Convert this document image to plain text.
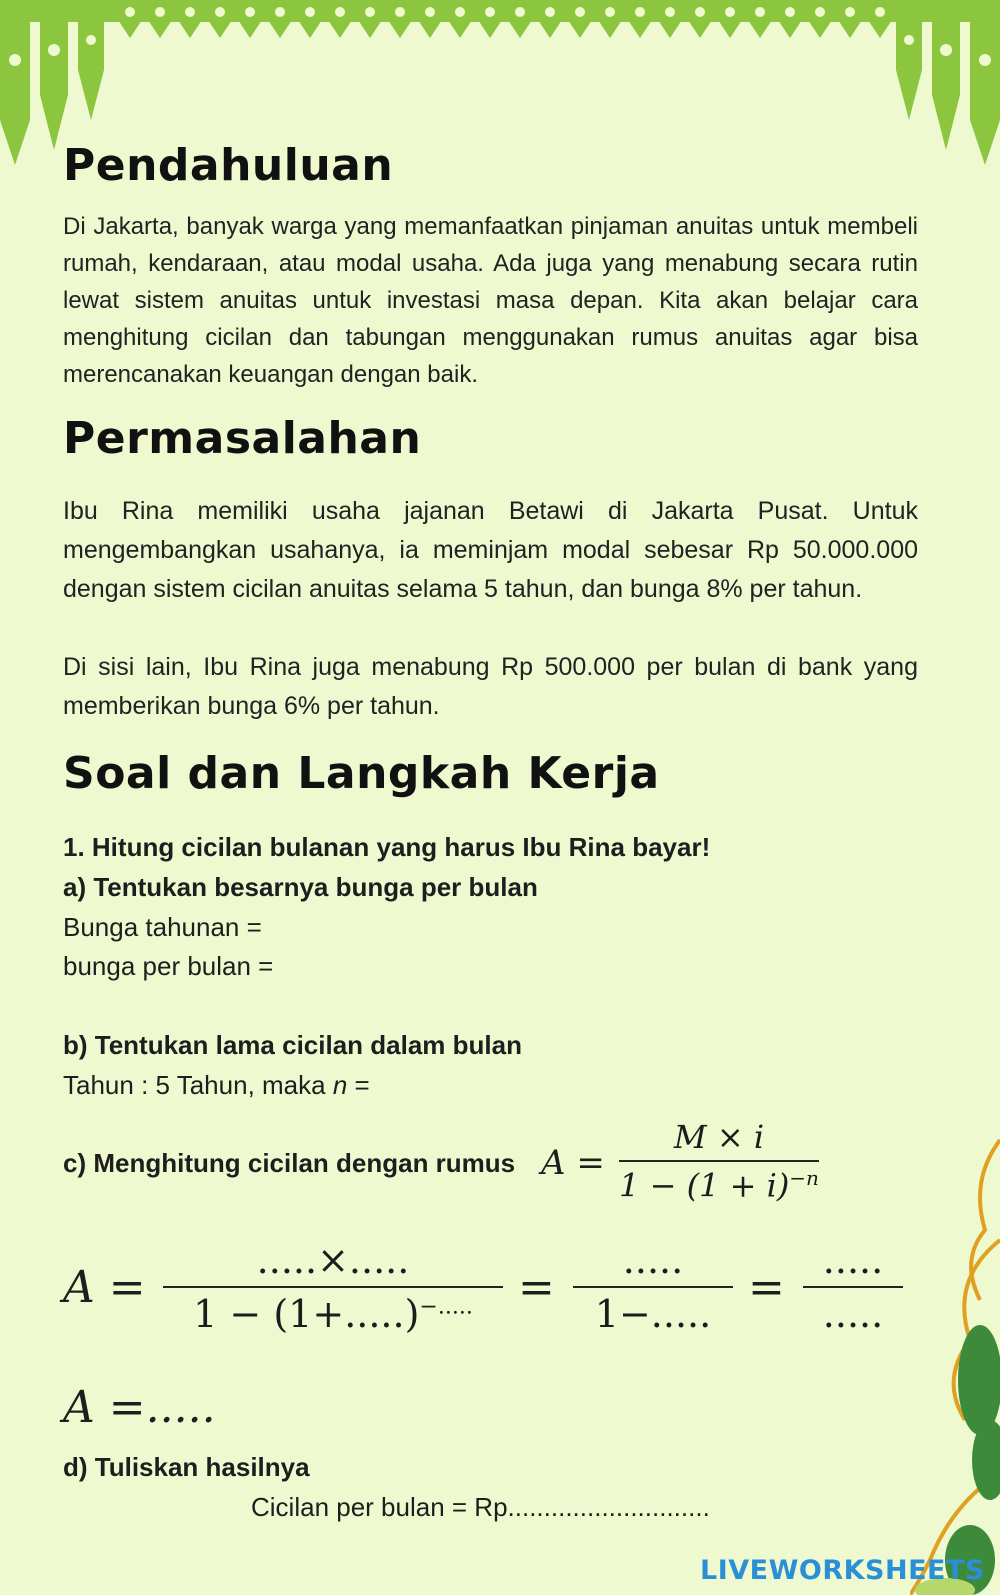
Pendahuluan

Di Jakarta, banyak warga yang memanfaatkan pinjaman anuitas untuk membeli rumah, kendaraan, atau modal usaha. Ada juga yang menabung secara rutin lewat sistem anuitas untuk investasi masa depan. Kita akan belajar cara menghitung cicilan dan tabungan menggunakan rumus anuitas agar bisa merencanakan keuangan dengan baik.

Permasalahan

Ibu Rina memiliki usaha jajanan Betawi di Jakarta Pusat. Untuk mengembangkan usahanya, ia meminjam modal sebesar Rp 50.000.000 dengan sistem cicilan anuitas selama 5 tahun, dan bunga 8% per tahun.

Di sisi lain, Ibu Rina juga menabung Rp 500.000 per bulan di bank yang memberikan bunga 6% per tahun.

Soal dan Langkah Kerja
1. Hitung cicilan bulanan yang harus Ibu Rina bayar!
a) Tentukan besarnya bunga per bulan
Bunga tahunan =
bunga per bulan =
b) Tentukan lama cicilan dalam bulan
Tahun : 5 Tahun, maka n =
c) Menghitung cicilan dengan rumus A =
M × i
$1 - (1 + i)^{-n}$
A =
.....×.....
1 − (1+.....)−.....	=
.....
1−.....
=
.....
.....
A =.....
d) Tuliskan hasilnya
Cicilan per bulan = Rp............................
LIVEWORKSHEETS
